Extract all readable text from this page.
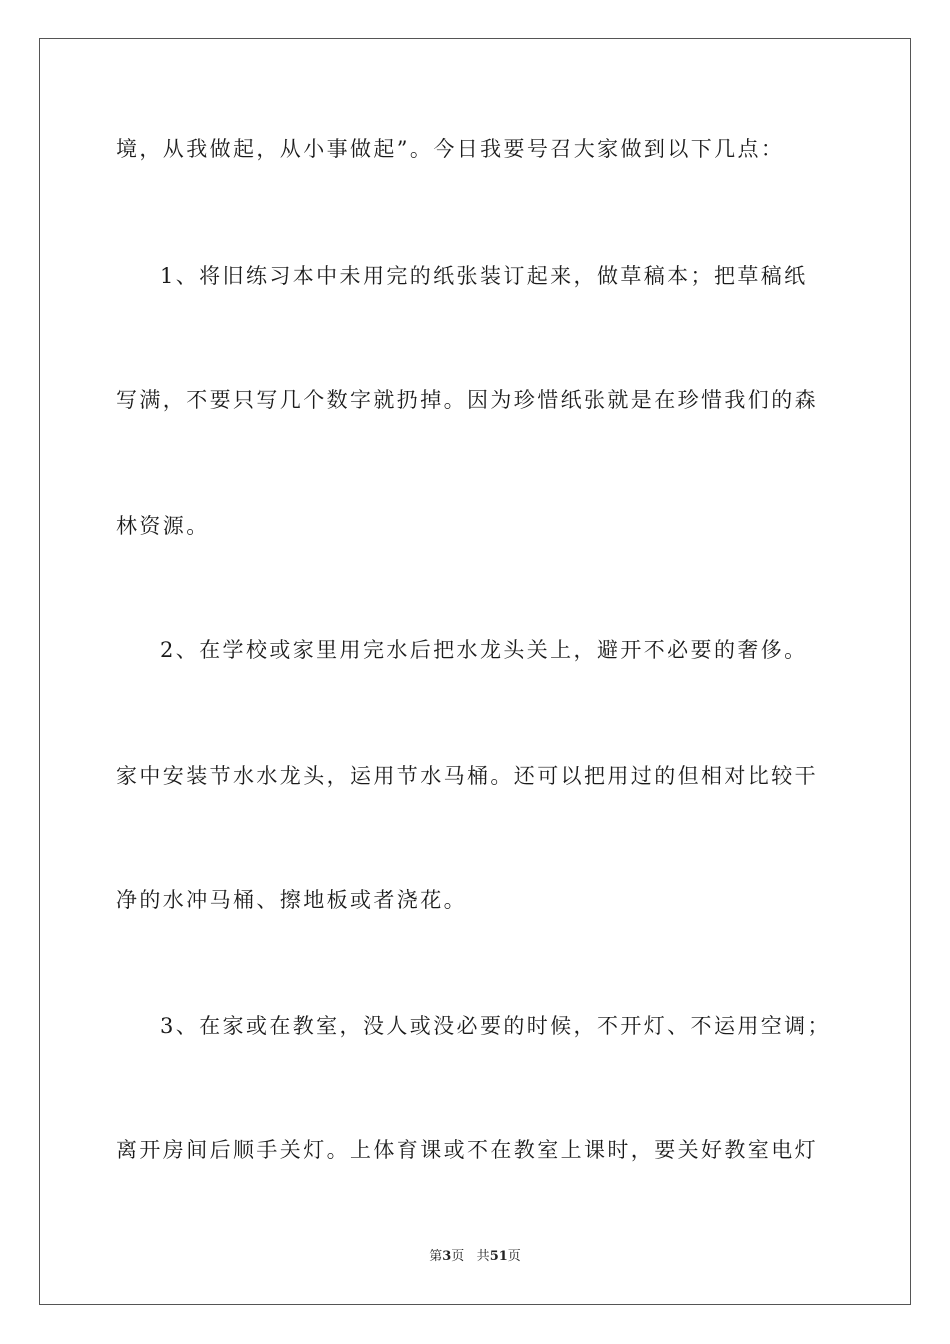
境，从我做起，从小事做起”。今日我要号召大家做到以下几点：
1、将旧练习本中未用完的纸张装订起来，做草稿本；把草稿纸
写满，不要只写几个数字就扔掉。因为珍惜纸张就是在珍惜我们的森
林资源。
2、在学校或家里用完水后把水龙头关上，避开不必要的奢侈。
家中安装节水水龙头，运用节水马桶。还可以把用过的但相对比较干
净的水冲马桶、擦地板或者浇花。
3、在家或在教室，没人或没必要的时候，不开灯、不运用空调；
离开房间后顺手关灯。上体育课或不在教室上课时，要关好教室电灯
第3页 共51页
